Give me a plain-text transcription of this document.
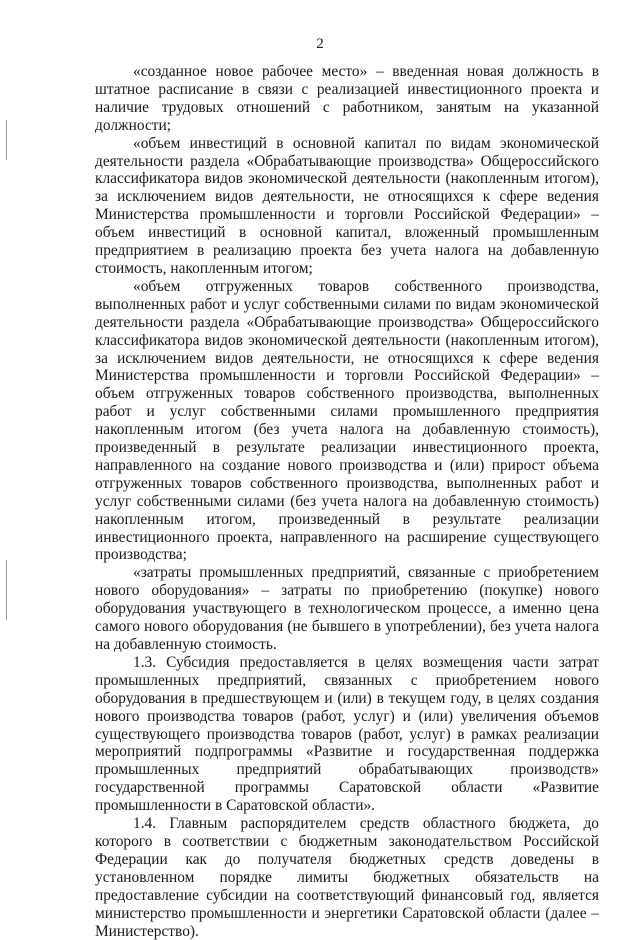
2

«созданное новое рабочее место» – введенная новая должность в штатное расписание в связи с реализацией инвестиционного проекта и наличие трудовых отношений с работником, занятым на указанной должности;

«объем инвестиций в основной капитал по видам экономической деятельности раздела «Обрабатывающие производства» Общероссийского классификатора видов экономической деятельности (накопленным итогом), за исключением видов деятельности, не относящихся к сфере ведения Министерства промышленности и торговли Российской Федерации» – объем инвестиций в основной капитал, вложенный промышленным предприятием в реализацию проекта без учета налога на добавленную стоимость, накопленным итогом;

«объем отгруженных товаров собственного производства, выполненных работ и услуг собственными силами по видам экономической деятельности раздела «Обрабатывающие производства» Общероссийского классификатора видов экономической деятельности (накопленным итогом), за исключением видов деятельности, не относящихся к сфере ведения Министерства промышленности и торговли Российской Федерации» – объем отгруженных товаров собственного производства, выполненных работ и услуг собственными силами промышленного предприятия накопленным итогом (без учета налога на добавленную стоимость), произведенный в результате реализации инвестиционного проекта, направленного на создание нового производства и (или) прирост объема отгруженных товаров собственного производства, выполненных работ и услуг собственными силами (без учета налога на добавленную стоимость) накопленным итогом, произведенный в результате реализации инвестиционного проекта, направленного на расширение существующего производства;

«затраты промышленных предприятий, связанные с приобретением нового оборудования» – затраты по приобретению (покупке) нового оборудования участвующего в технологическом процессе, а именно цена самого нового оборудования (не бывшего в употреблении), без учета налога на добавленную стоимость.

1.3. Субсидия предоставляется в целях возмещения части затрат промышленных предприятий, связанных с приобретением нового оборудования в предшествующем и (или) в текущем году, в целях создания нового производства товаров (работ, услуг) и (или) увеличения объемов существующего производства товаров (работ, услуг) в рамках реализации мероприятий подпрограммы «Развитие и государственная поддержка промышленных предприятий обрабатывающих производств» государственной программы Саратовской области «Развитие промышленности в Саратовской области».

1.4. Главным распорядителем средств областного бюджета, до которого в соответствии с бюджетным законодательством Российской Федерации как до получателя бюджетных средств доведены в установленном порядке лимиты бюджетных обязательств на предоставление субсидии на соответствующий финансовый год, является министерство промышленности и энергетики Саратовской области (далее – Министерство).
